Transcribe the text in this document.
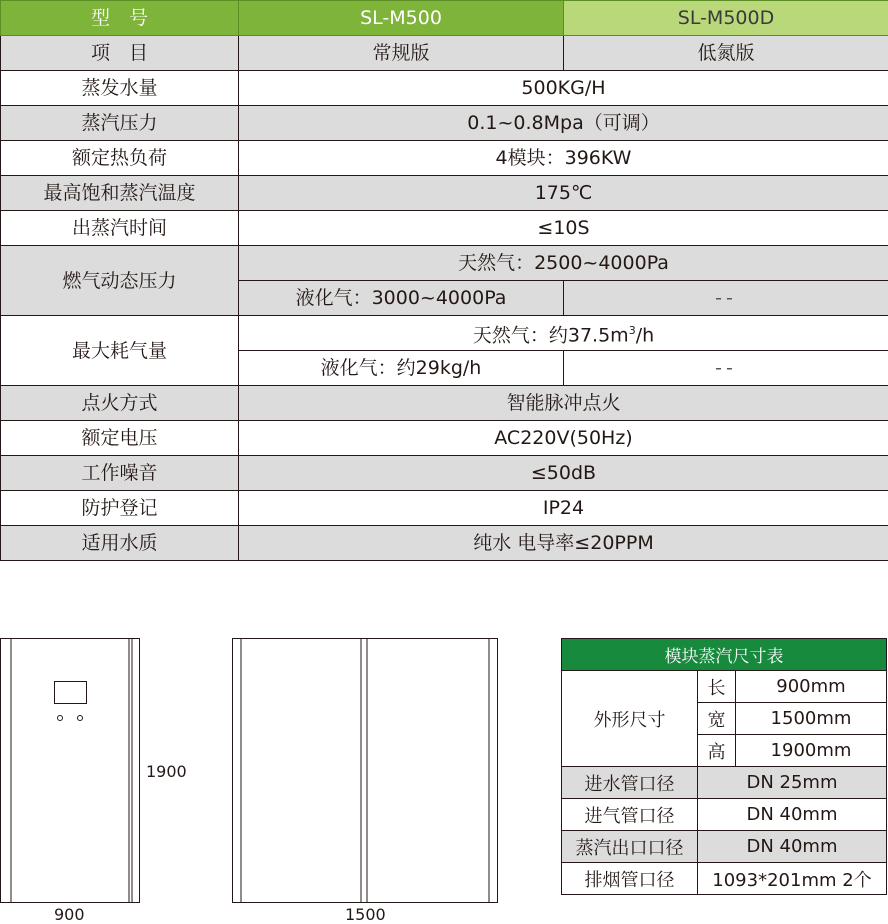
型　号	SL-M500	SL-M500D
项　目	常规版	低氮版
蒸发水量	500KG/H	
蒸汽压力	0.1~0.8Mpa（可调）	
额定热负荷	4模块：396KW	
最高饱和蒸汽温度	175℃	
出蒸汽时间	≤10S	
燃气动态压力	天然气：2500~4000Pa	
	液化气：3000~4000Pa	--
最大耗气量	天然气：约$37.5m^3/h$	
	液化气：约29kg/h	--
点火方式	智能脉冲点火	
额定电压	AC220V(50Hz)	
工作噪音	≤50dB	
防护登记	IP24	
适用水质	纯水 电导率≤20PPM	
1900
900	1500
模块蒸汽尺寸表		
外形尺寸	长	900mm
	宽	1500mm
	高	1900mm
进水管口径	DN 25mm	
进气管口径	DN 40mm	
蒸汽出口口径	DN 40mm	
排烟管口径	1093*201mm 2个	
